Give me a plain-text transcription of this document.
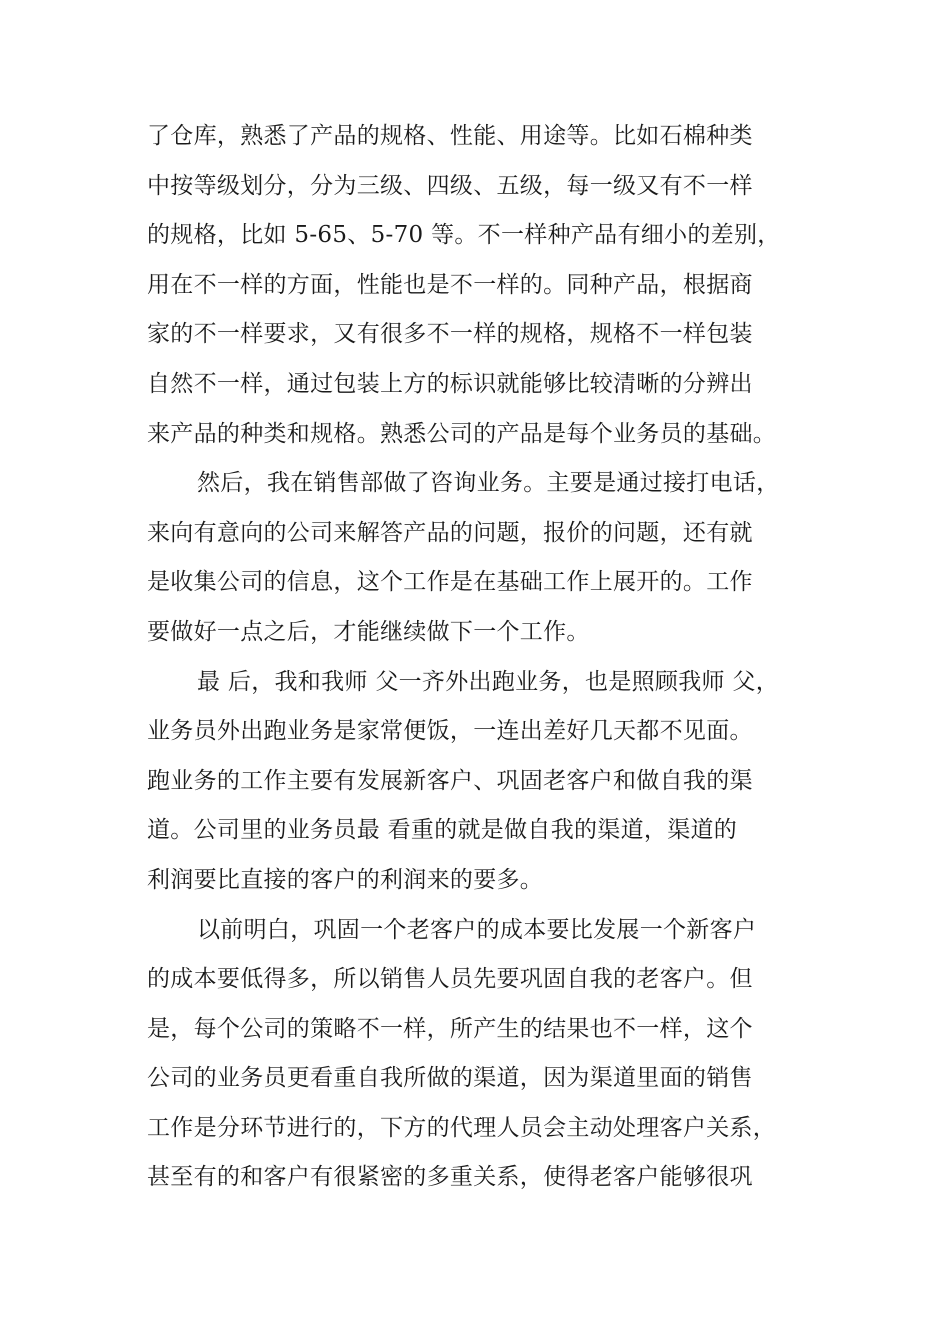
了仓库，熟悉了产品的规格、性能、用途等。比如石棉种类
中按等级划分，分为三级、四级、五级，每一级又有不一样
的规格，比如 5-65、5-70 等。不一样种产品有细小的差别，
用在不一样的方面，性能也是不一样的。同种产品，根据商
家的不一样要求，又有很多不一样的规格，规格不一样包装
自然不一样，通过包装上方的标识就能够比较清晰的分辨出
来产品的种类和规格。熟悉公司的产品是每个业务员的基础。
然后，我在销售部做了咨询业务。主要是通过接打电话，
来向有意向的公司来解答产品的问题，报价的问题，还有就
是收集公司的信息，这个工作是在基础工作上展开的。工作
要做好一点之后，才能继续做下一个工作。
最 后，我和我师 父一齐外出跑业务，也是照顾我师 父，
业务员外出跑业务是家常便饭，一连出差好几天都不见面。
跑业务的工作主要有发展新客户、巩固老客户和做自我的渠
道。公司里的业务员最 看重的就是做自我的渠道，渠道的
利润要比直接的客户的利润来的要多。
以前明白，巩固一个老客户的成本要比发展一个新客户
的成本要低得多，所以销售人员先要巩固自我的老客户。但
是，每个公司的策略不一样，所产生的结果也不一样，这个
公司的业务员更看重自我所做的渠道，因为渠道里面的销售
工作是分环节进行的，下方的代理人员会主动处理客户关系，
甚至有的和客户有很紧密的多重关系，使得老客户能够很巩
